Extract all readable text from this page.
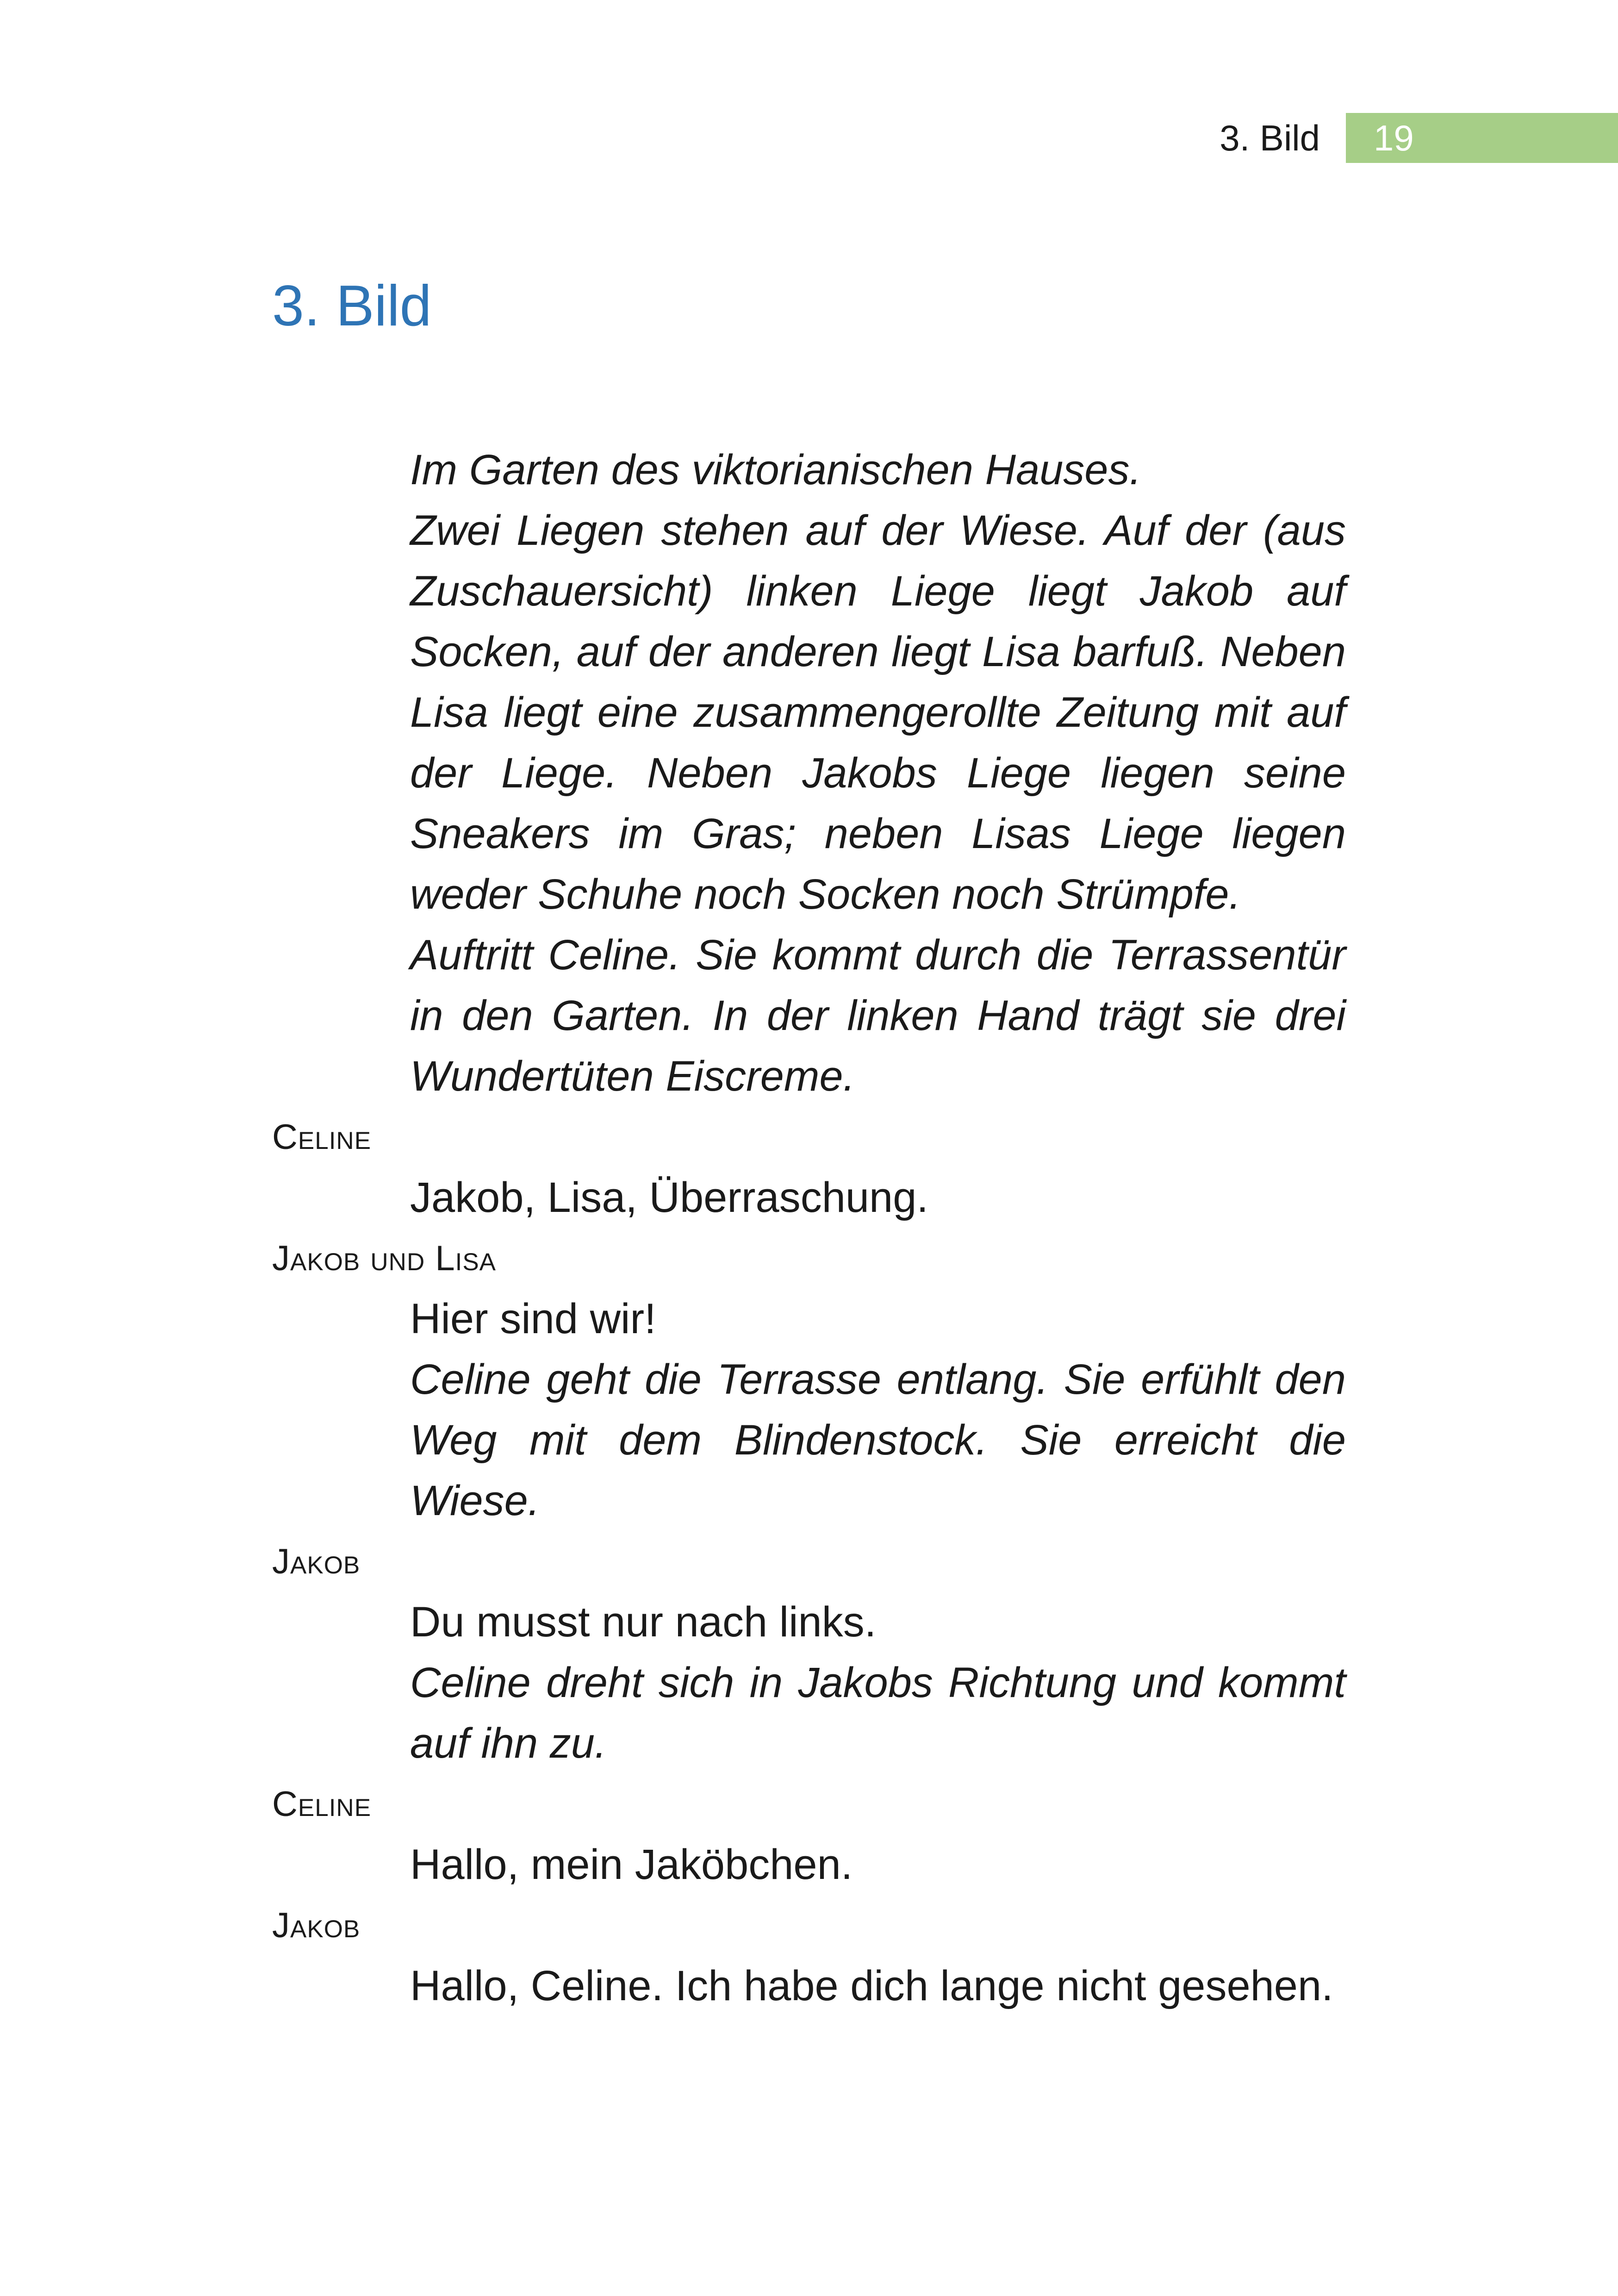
3. Bild	19
3. Bild
Im Garten des viktorianischen Hauses.
Zwei Liegen stehen auf der Wiese. Auf der (aus Zuschauersicht) linken Liege liegt Jakob auf Socken, auf der anderen liegt Lisa barfuß. Neben Lisa liegt eine zusammengerollte Zeitung mit auf der Liege. Neben Jakobs Liege liegen seine Sneakers im Gras; neben Lisas Liege liegen weder Schuhe noch Socken noch Strümpfe.
Auftritt Celine. Sie kommt durch die Terrassentür in den Garten. In der linken Hand trägt sie drei Wundertüten Eiscreme.
Celine
Jakob, Lisa, Überraschung.
Jakob und Lisa
Hier sind wir!
Celine geht die Terrasse entlang. Sie erfühlt den Weg mit dem Blindenstock. Sie erreicht die Wiese.
Jakob
Du musst nur nach links.
Celine dreht sich in Jakobs Richtung und kommt auf ihn zu.
Celine
Hallo, mein Jaköbchen.
Jakob
Hallo, Celine. Ich habe dich lange nicht gesehen.
